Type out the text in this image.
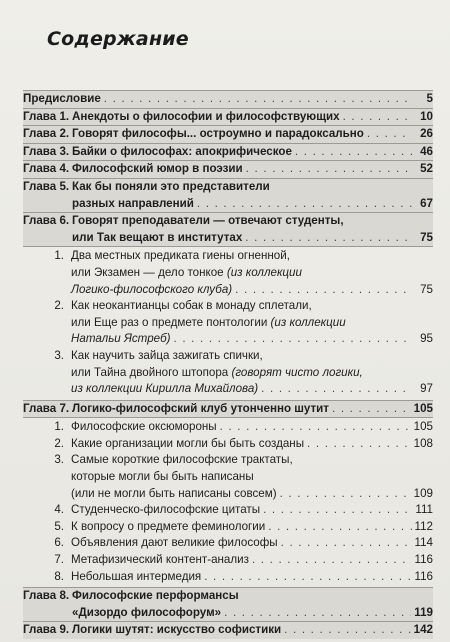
Содержание
Предисловие . . .	5
Глава 1. Анекдоты о философии и философствующих . . .	10
Глава 2. Говорят философы... остроумно и парадоксально . . .	26
Глава 3. Байки о философах: апокрифическое . . .	46
Глава 4. Философский юмор в поэзии . . .	52
Глава 5. Как бы поняли это представители
разных направлений . . .	67
Глава 6. Говорят преподаватели — отвечают студенты,
или Так вещают в институтах . . .	75
1. Два местных предиката гиены огненной,
или Экзамен — дело тонкое (из коллекции
Логико-философского клуба) . . .	75
2. Как неокантианцы собак в монаду сплетали,
или Еще раз о предмете понтологии (из коллекции
Натальи Ястреб) . . .	95
3. Как научить зайца зажигать спички,
или Тайна двойного штопора (говорят чисто логики,
из коллекции Кирилла Михайлова) . . .	97
Глава 7. Логико-философский клуб утонченно шутит . . .	105
1. Философские оксюмороны . . .	105
2. Какие организации могли бы быть созданы . . .	108
3. Самые короткие философские трактаты,
которые могли бы быть написаны
(или не могли быть написаны совсем) . . .	109
4. Студенческо-философские цитаты . . .	111
5. К вопросу о предмете феминологии . . .	112
6. Объявления дают великие философы . . .	114
7. Метафизический контент-анализ . . .	116
8. Небольшая интермедия . . .	116
Глава 8. Философские перформансы
«Дизордо философорум» . . .	119
Глава 9. Логики шутят: искусство софистики . . .	142
